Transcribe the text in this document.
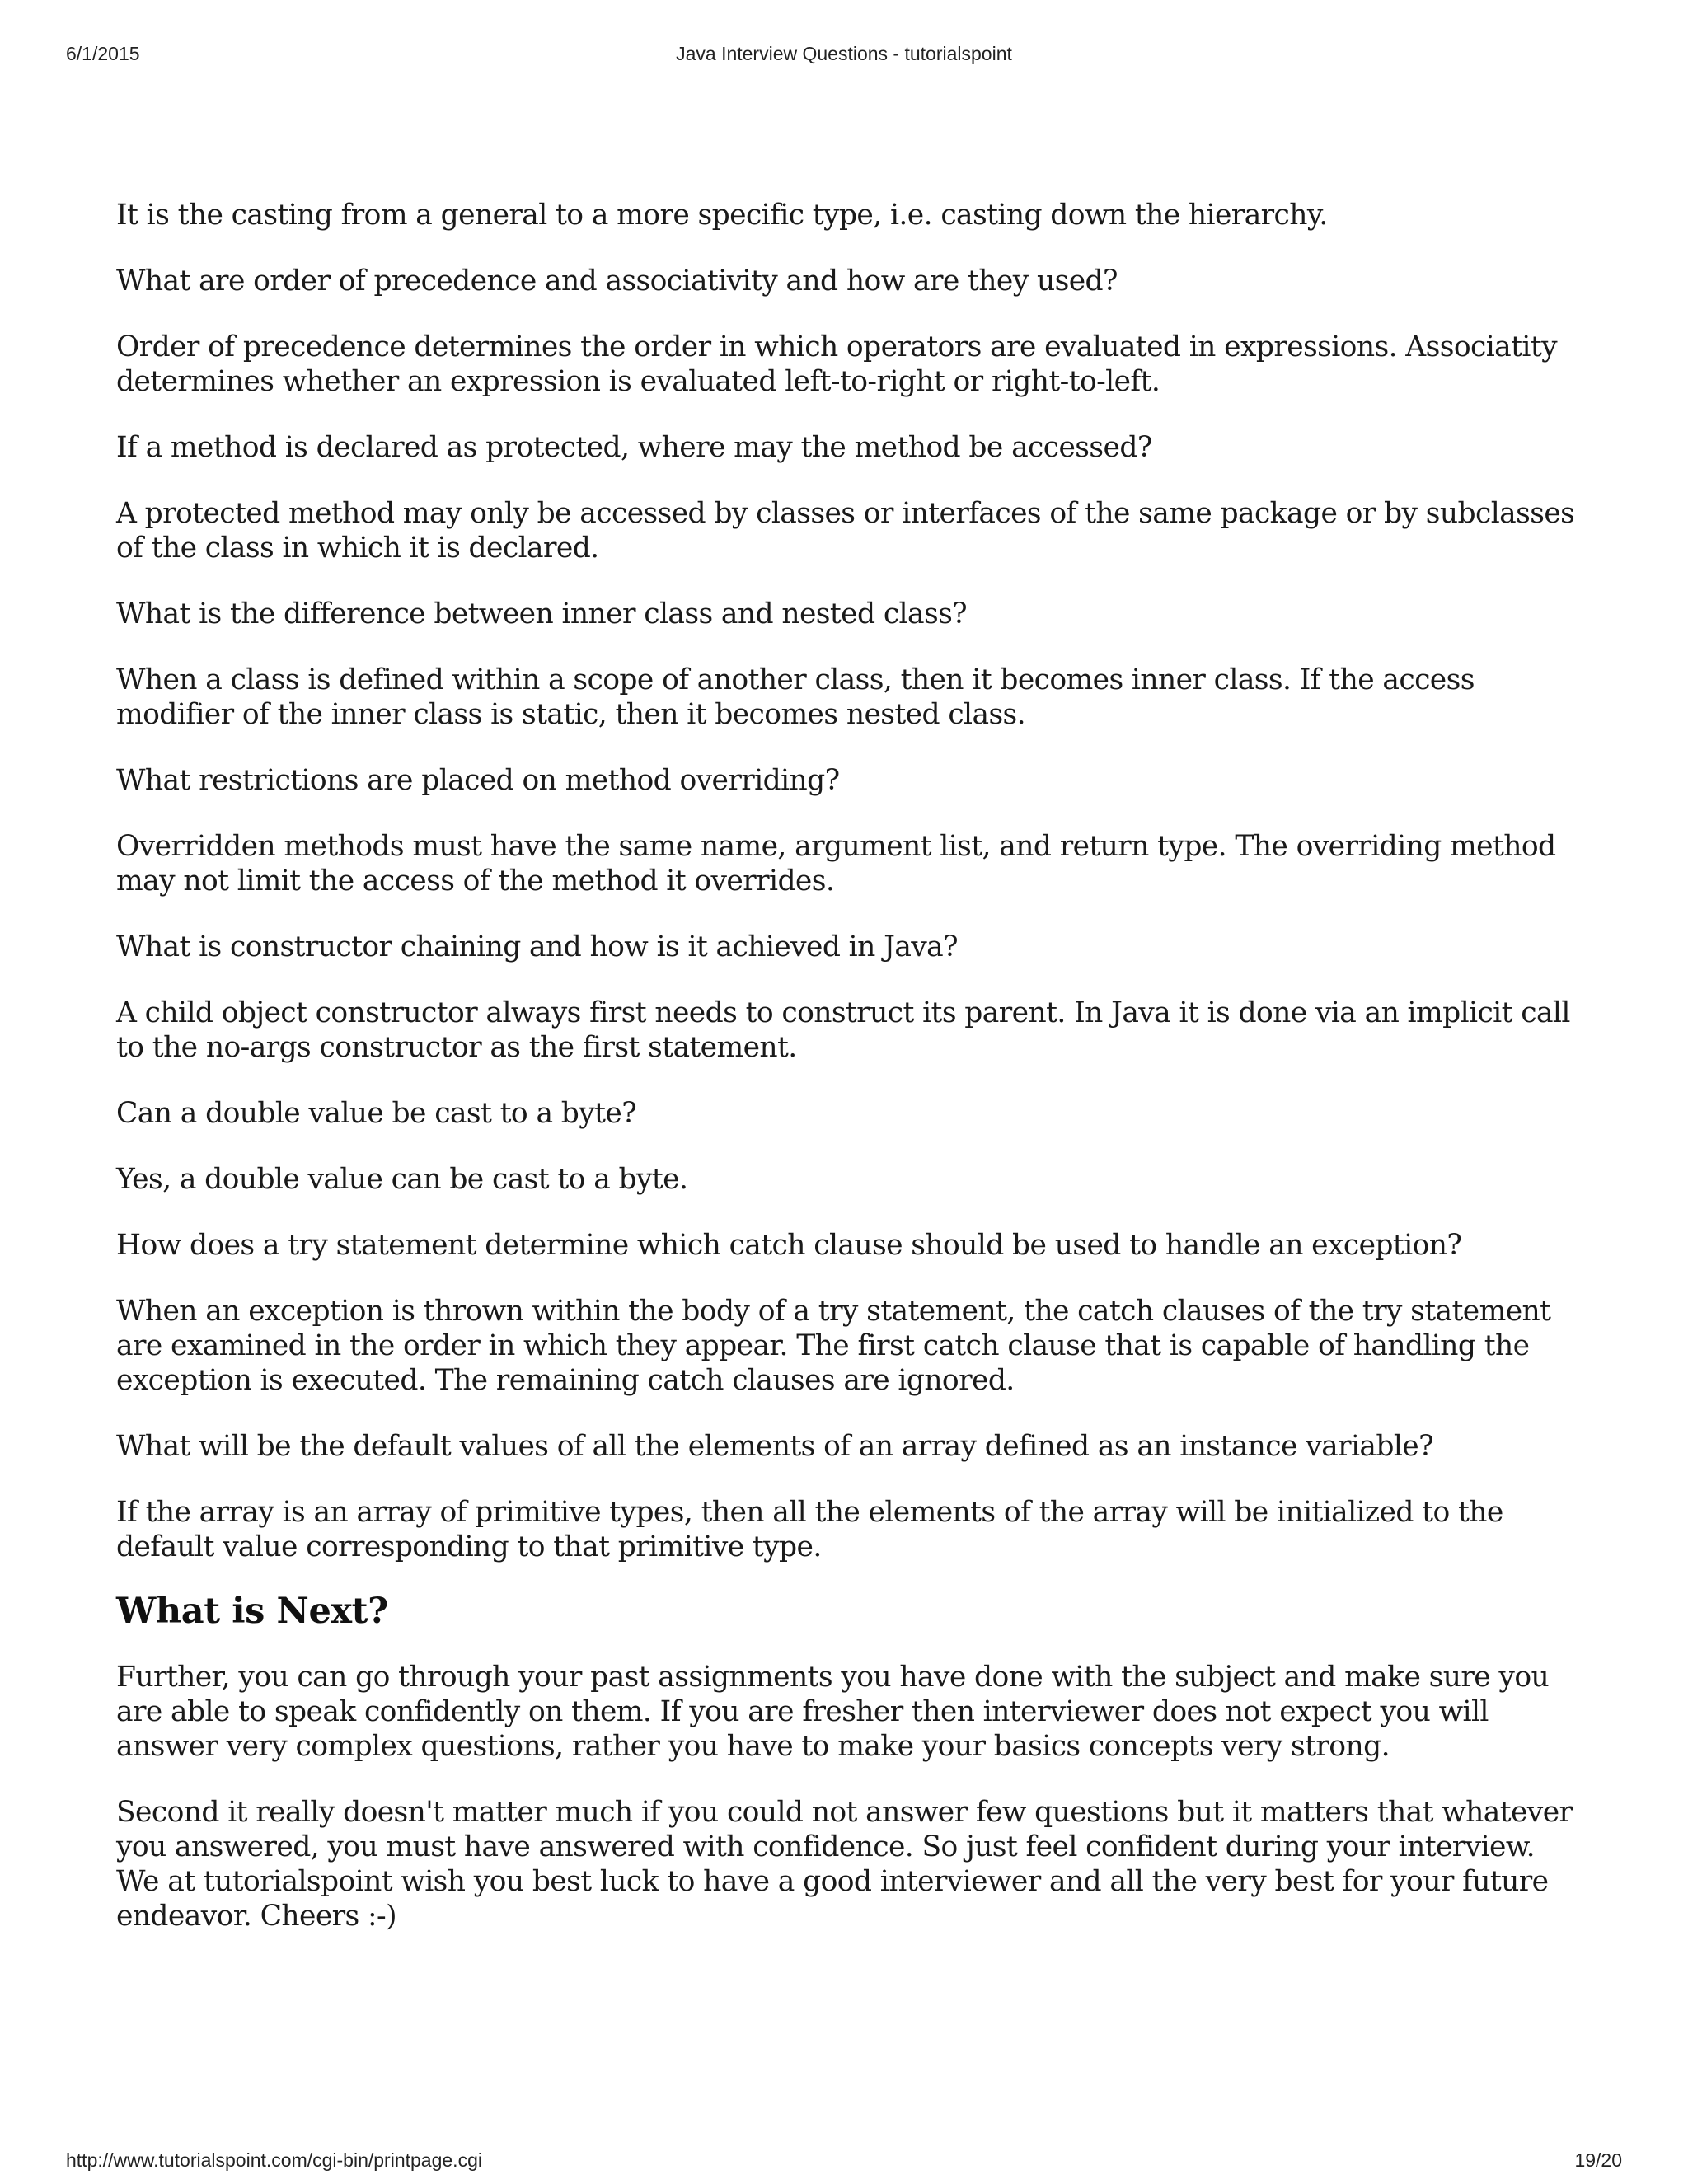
6/1/2015	Java Interview Questions - tutorialspoint

It is the casting from a general to a more specific type, i.e. casting down the hierarchy.

What are order of precedence and associativity and how are they used?

Order of precedence determines the order in which operators are evaluated in expressions. Associatity determines whether an expression is evaluated left-to-right or right-to-left.

If a method is declared as protected, where may the method be accessed?

A protected method may only be accessed by classes or interfaces of the same package or by subclasses of the class in which it is declared.

What is the difference between inner class and nested class?

When a class is defined within a scope of another class, then it becomes inner class. If the access modifier of the inner class is static, then it becomes nested class.

What restrictions are placed on method overriding?

Overridden methods must have the same name, argument list, and return type. The overriding method may not limit the access of the method it overrides.

What is constructor chaining and how is it achieved in Java?

A child object constructor always first needs to construct its parent. In Java it is done via an implicit call to the no-args constructor as the first statement.

Can a double value be cast to a byte?

Yes, a double value can be cast to a byte.

How does a try statement determine which catch clause should be used to handle an exception?

When an exception is thrown within the body of a try statement, the catch clauses of the try statement are examined in the order in which they appear. The first catch clause that is capable of handling the exception is executed. The remaining catch clauses are ignored.

What will be the default values of all the elements of an array defined as an instance variable?

If the array is an array of primitive types, then all the elements of the array will be initialized to the default value corresponding to that primitive type.

What is Next?

Further, you can go through your past assignments you have done with the subject and make sure you are able to speak confidently on them. If you are fresher then interviewer does not expect you will answer very complex questions, rather you have to make your basics concepts very strong.

Second it really doesn't matter much if you could not answer few questions but it matters that whatever you answered, you must have answered with confidence. So just feel confident during your interview. We at tutorialspoint wish you best luck to have a good interviewer and all the very best for your future endeavor. Cheers :-)

http://www.tutorialspoint.com/cgi-bin/printpage.cgi	19/20
